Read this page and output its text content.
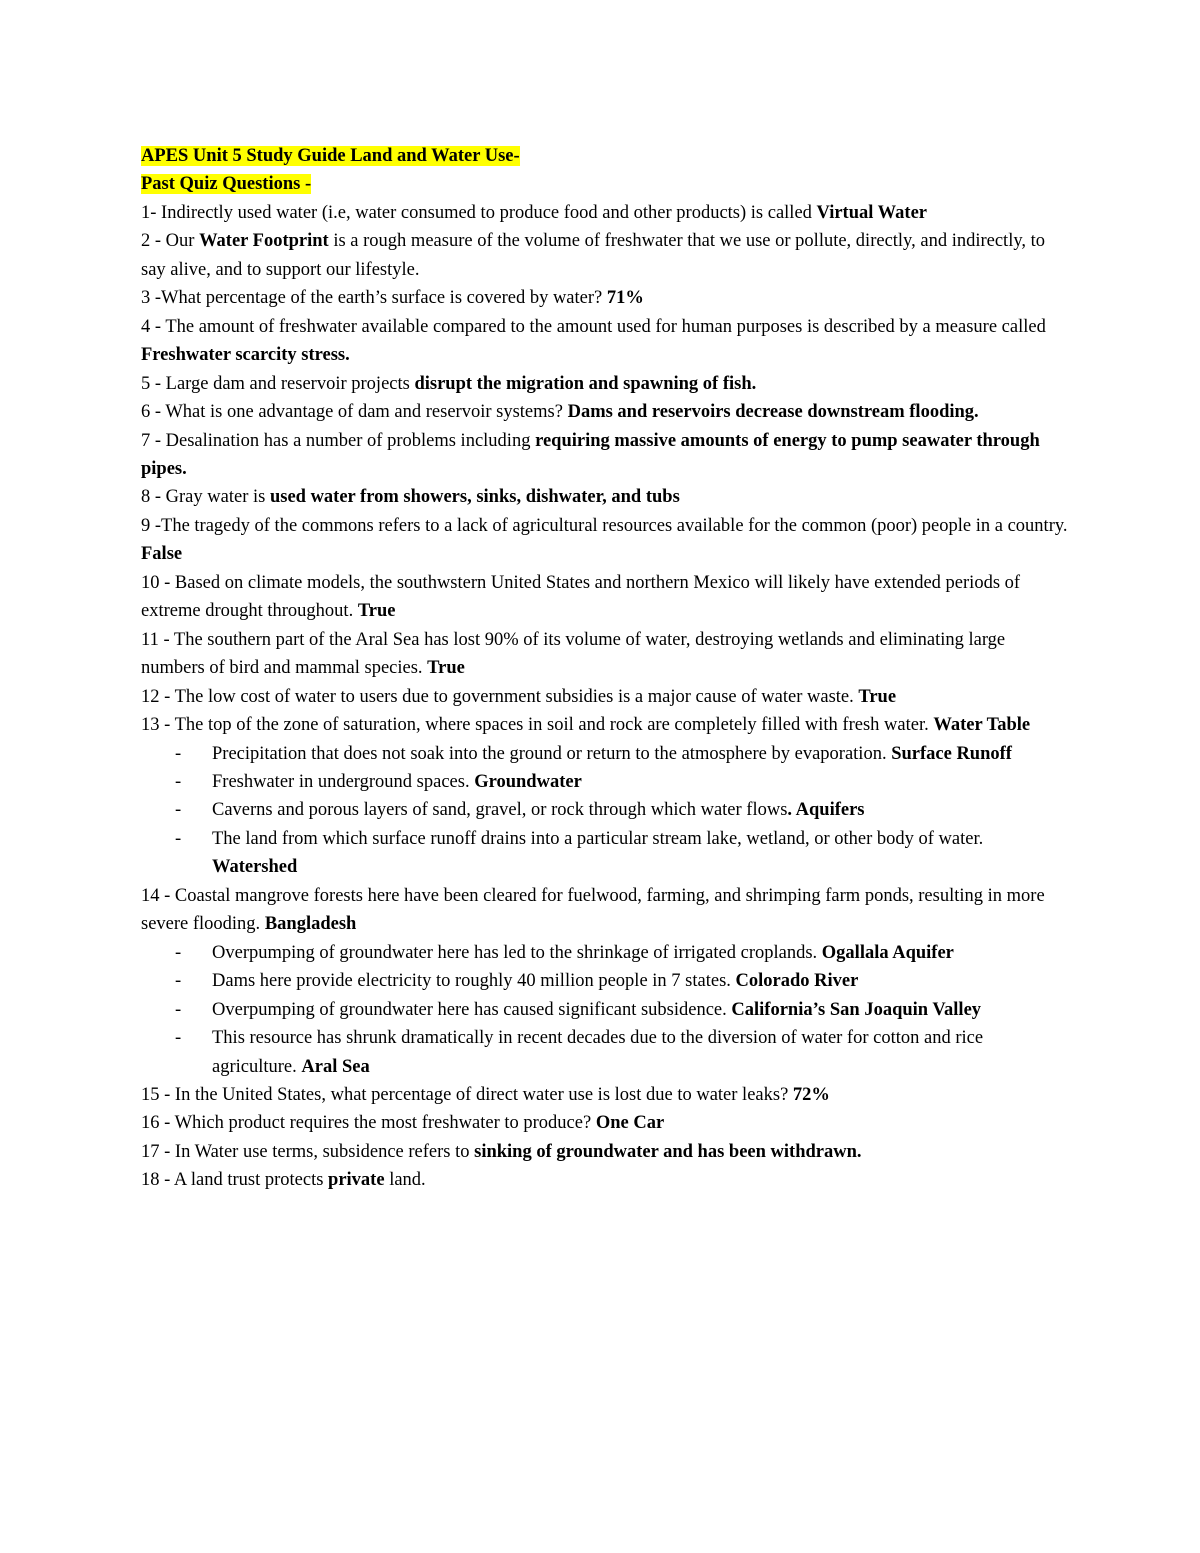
APES Unit 5 Study Guide Land and Water Use-
Past Quiz Questions -
1- Indirectly used water (i.e, water consumed to produce food and other products) is called Virtual Water
2 - Our Water Footprint is a rough measure of the volume of freshwater that we use or pollute, directly, and indirectly, to say alive, and to support our lifestyle.
3 -What percentage of the earth’s surface is covered by water? 71%
4 - The amount of freshwater available compared to the amount used for human purposes is described by a measure called Freshwater scarcity stress.
5 - Large dam and reservoir projects disrupt the migration and spawning of fish.
6 - What is one advantage of dam and reservoir systems? Dams and reservoirs decrease downstream flooding.
7 - Desalination has a number of problems including requiring massive amounts of energy to pump seawater through pipes.
8 - Gray water is used water from showers, sinks, dishwater, and tubs
9 -The tragedy of the commons refers to a lack of agricultural resources available for the common (poor) people in a country. False
10 - Based on climate models, the southwstern United States and northern Mexico will likely have extended periods of extreme drought throughout. True
11 - The southern part of the Aral Sea has lost 90% of its volume of water, destroying wetlands and eliminating large numbers of bird and mammal species. True
12 - The low cost of water to users due to government subsidies is a major cause of water waste. True
13 - The top of the zone of saturation, where spaces in soil and rock are completely filled with fresh water. Water Table
- Precipitation that does not soak into the ground or return to the atmosphere by evaporation. Surface Runoff
- Freshwater in underground spaces. Groundwater
- Caverns and porous layers of sand, gravel, or rock through which water flows. Aquifers
- The land from which surface runoff drains into a particular stream lake, wetland, or other body of water. Watershed
14 - Coastal mangrove forests here have been cleared for fuelwood, farming, and shrimping farm ponds, resulting in more severe flooding. Bangladesh
- Overpumping of groundwater here has led to the shrinkage of irrigated croplands. Ogallala Aquifer
- Dams here provide electricity to roughly 40 million people in 7 states. Colorado River
- Overpumping of groundwater here has caused significant subsidence. California’s San Joaquin Valley
- This resource has shrunk dramatically in recent decades due to the diversion of water for cotton and rice agriculture. Aral Sea
15 - In the United States, what percentage of direct water use is lost due to water leaks? 72%
16 - Which product requires the most freshwater to produce? One Car
17 - In Water use terms, subsidence refers to sinking of groundwater and has been withdrawn.
18 - A land trust protects private land.
